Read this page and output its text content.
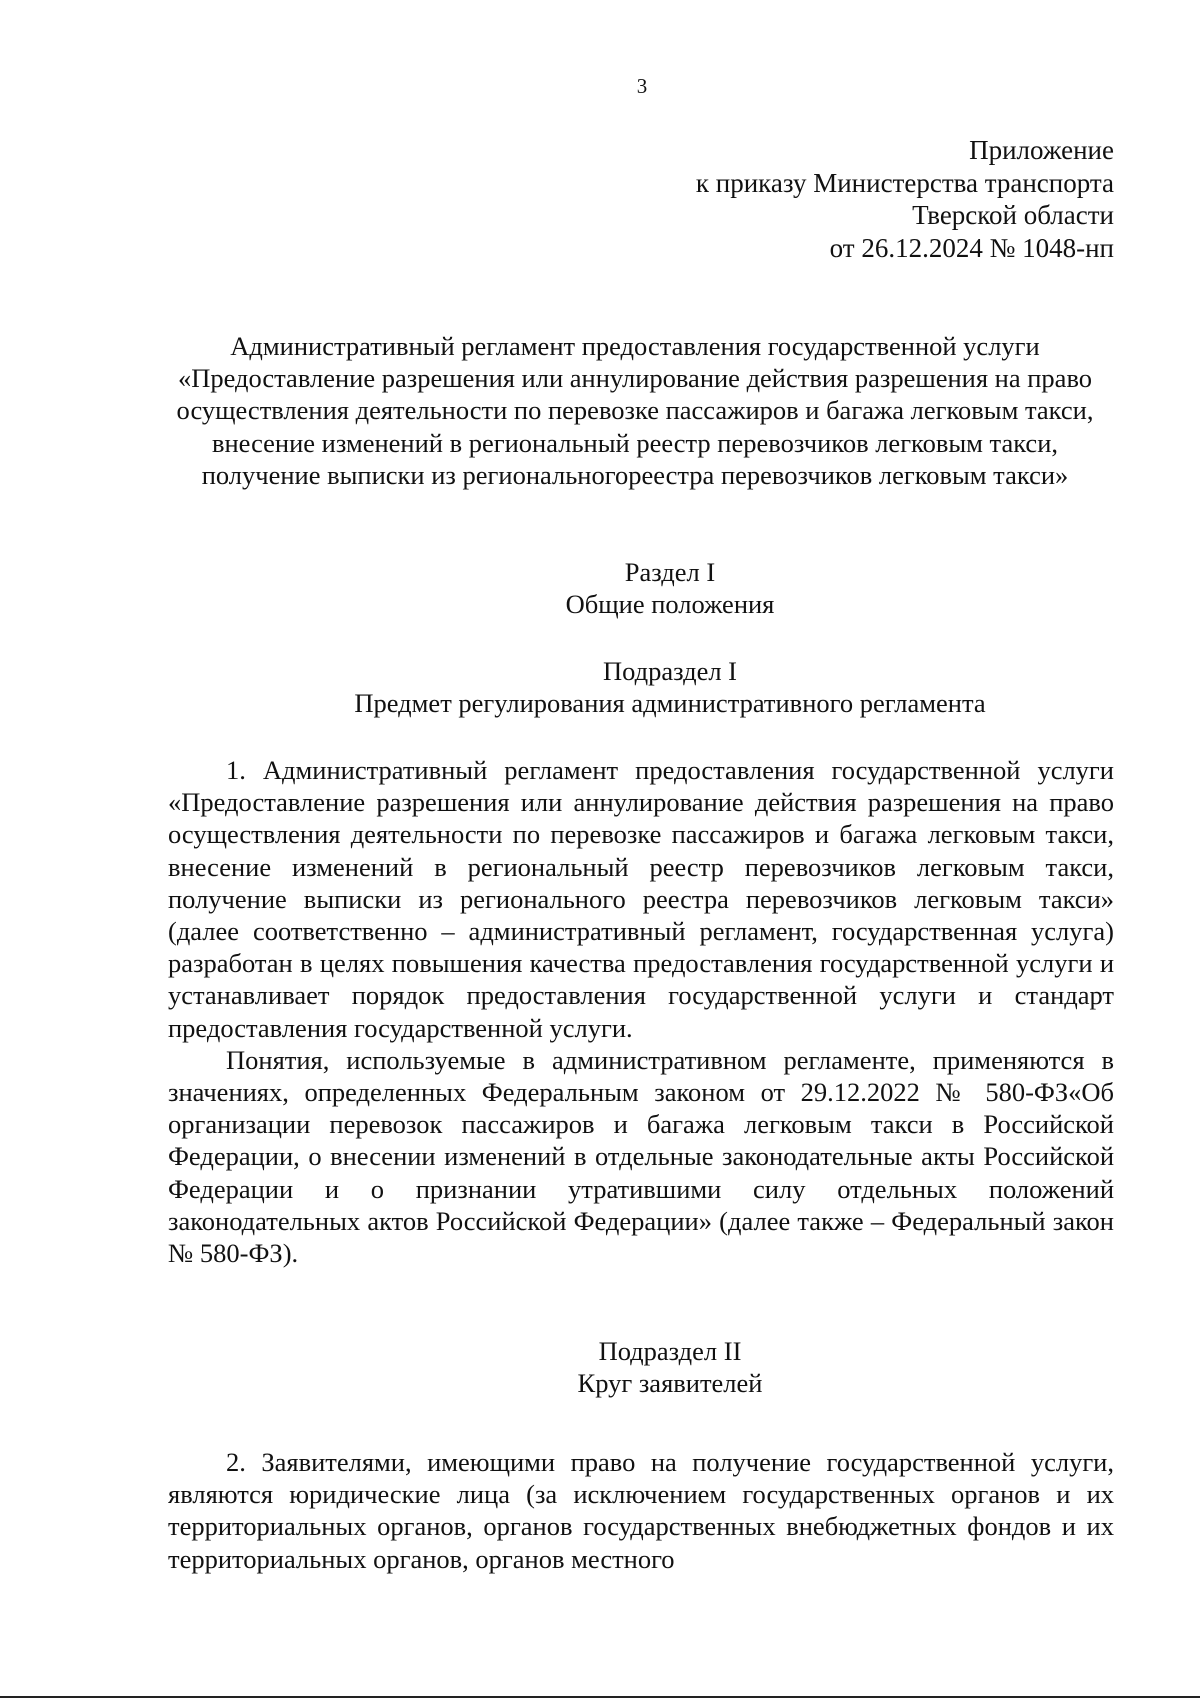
3
Приложение
к приказу Министерства транспорта
Тверской области
от 26.12.2024 № 1048-нп
Административный регламент предоставления государственной услуги «Предоставление разрешения или аннулирование действия разрешения на право осуществления деятельности по перевозке пассажиров и багажа легковым такси, внесение изменений в региональный реестр перевозчиков легковым такси, получение выписки из региональногореестра перевозчиков легковым такси»
Раздел I
Общие положения
Подраздел I
Предмет регулирования административного регламента

1. Административный регламент предоставления государственной услуги «Предоставление разрешения или аннулирование действия разрешения на право осуществления деятельности по перевозке пассажиров и багажа легковым такси, внесение изменений в региональный реестр перевозчиков легковым такси, получение выписки из регионального реестра перевозчиков легковым такси» (далее соответственно – административный регламент, государственная услуга) разработан в целях повышения качества предоставления государственной услуги и устанавливает порядок предоставления государственной услуги и стандарт предоставления государственной услуги.

Понятия, используемые в административном регламенте, применяются в значениях, определенных Федеральным законом от 29.12.2022 № 580-ФЗ«Об организации перевозок пассажиров и багажа легковым такси в Российской Федерации, о внесении изменений в отдельные законодательные акты Российской Федерации и о признании утратившими силу отдельных положений законодательных актов Российской Федерации» (далее также – Федеральный закон № 580-ФЗ).

Подраздел II
Круг заявителей

2. Заявителями, имеющими право на получение государственной услуги, являются юридические лица (за исключением государственных органов и их территориальных органов, органов государственных внебюджетных фондов и их территориальных органов, органов местного
